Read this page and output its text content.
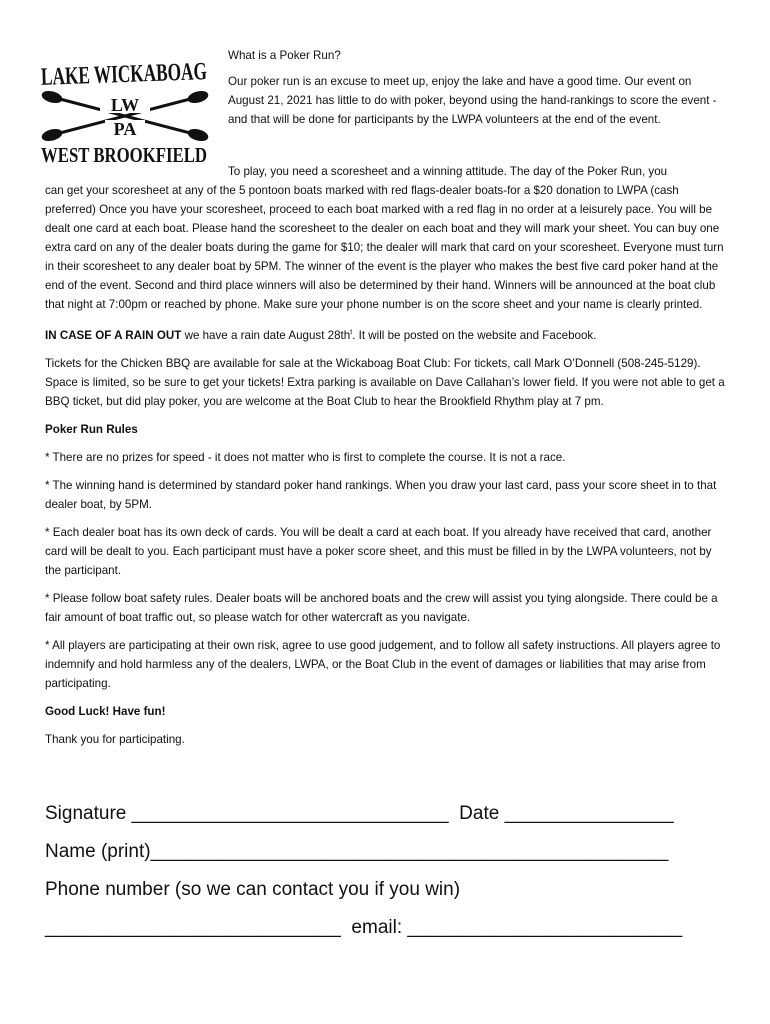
LAKE WICKABOAG
LW
PA
WEST BROOKFIELD

What is a Poker Run?

Our poker run is an excuse to meet up, enjoy the lake and have a good time. Our event on August 21, 2021 has little to do with poker, beyond using the hand-rankings to score the event - and that will be done for participants by the LWPA volunteers at the end of the event.

To play, you need a scoresheet and a winning attitude. The day of the Poker Run, you

can get your scoresheet at any of the 5 pontoon boats marked with red flags-dealer boats-for a $20 donation to LWPA (cash preferred) Once you have your scoresheet, proceed to each boat marked with a red flag in no order at a leisurely pace. You will be dealt one card at each boat. Please hand the scoresheet to the dealer on each boat and they will mark your sheet. You can buy one extra card on any of the dealer boats during the game for $10; the dealer will mark that card on your scoresheet. Everyone must turn in their scoresheet to any dealer boat by 5PM. The winner of the event is the player who makes the best five card poker hand at the end of the event. Second and third place winners will also be determined by their hand. Winners will be announced at the boat club that night at 7:00pm or reached by phone. Make sure your phone number is on the score sheet and your name is clearly printed.

IN CASE OF A RAIN OUT we have a rain date August $28th^t$. It will be posted on the website and Facebook.

Tickets for the Chicken BBQ are available for sale at the Wickaboag Boat Club: For tickets, call Mark O’Donnell (508-245-5129). Space is limited, so be sure to get your tickets! Extra parking is available on Dave Callahan’s lower field. If you were not able to get a BBQ ticket, but did play poker, you are welcome at the Boat Club to hear the Brookfield Rhythm play at 7 pm.

Poker Run Rules

* There are no prizes for speed - it does not matter who is first to complete the course. It is not a race.

* The winning hand is determined by standard poker hand rankings. When you draw your last card, pass your score sheet in to that dealer boat, by 5PM.

* Each dealer boat has its own deck of cards. You will be dealt a card at each boat. If you already have received that card, another card will be dealt to you. Each participant must have a poker score sheet, and this must be filled in by the LWPA volunteers, not by the participant.

* Please follow boat safety rules. Dealer boats will be anchored boats and the crew will assist you tying alongside. There could be a fair amount of boat traffic out, so please watch for other watercraft as you navigate.

* All players are participating at their own risk, agree to use good judgement, and to follow all safety instructions. All players agree to indemnify and hold harmless any of the dealers, LWPA, or the Boat Club in the event of damages or liabilities that may arise from participating.

Good Luck! Have fun!

Thank you for participating.

Signature ______________________________  Date ________________
Name (print)_________________________________________________
Phone number (so we can contact you if you win)
____________________________  email: __________________________
